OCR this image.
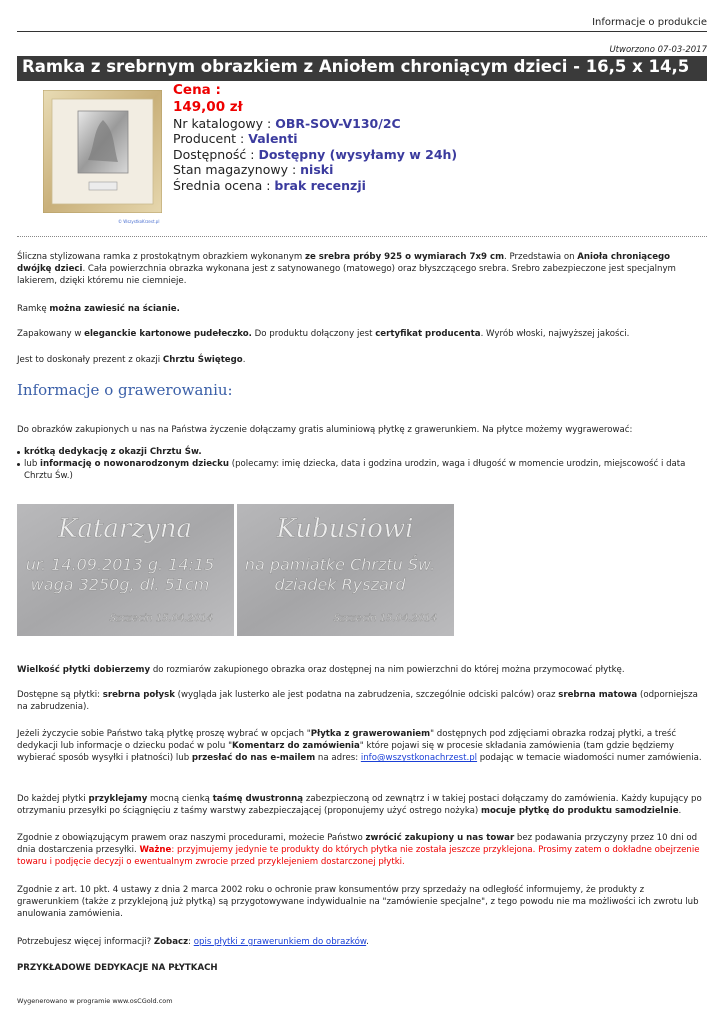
Informacje o produkcie
Utworzono 07-03-2017
Ramka z srebrnym obrazkiem z Aniołem chroniącym dzieci - 16,5 x 14,5
© WszystkoKrzest.pl
Cena :
149,00 zł
Nr katalogowy : OBR-SOV-V130/2C
Producent : Valenti
Dostępność : Dostępny (wysyłamy w 24h)
Stan magazynowy : niski
Średnia ocena : brak recenzji
Śliczna stylizowana ramka z prostokątnym obrazkiem wykonanym ze srebra próby 925 o wymiarach 7x9 cm. Przedstawia on Anioła chroniącego dwójkę dzieci. Cała powierzchnia obrazka wykonana jest z satynowanego (matowego) oraz błyszczącego srebra. Srebro zabezpieczone jest specjalnym lakierem, dzięki któremu nie ciemnieje.
Ramkę można zawiesić na ścianie.
Zapakowany w eleganckie kartonowe pudełeczko. Do produktu dołączony jest certyfikat producenta. Wyrób włoski, najwyższej jakości.
Jest to doskonały prezent z okazji Chrztu Świętego.
Informacje o grawerowaniu:
Do obrazków zakupionych u nas na Państwa życzenie dołączamy gratis aluminiową płytkę z grawerunkiem. Na płytce możemy wygrawerować:
krótką dedykację z okazji Chrztu Św.
lub informację o nowonarodzonym dziecku (polecamy: imię dziecka, data i godzina urodzin, waga i długość w momencie urodzin, miejscowość i data Chrztu Św.)
Katarzyna
ur. 14.09.2013 g. 14:15
waga 3250g, dł. 51cm
Szczecin 15.04.2014
Kubusiowi
na pamiatke Chrztu Św.
dziadek Ryszard
Szczecin 15.04.2014
Wielkość płytki dobierzemy do rozmiarów zakupionego obrazka oraz dostępnej na nim powierzchni do której można przymocować płytkę.
Dostępne są płytki: srebrna połysk (wygląda jak lusterko ale jest podatna na zabrudzenia, szczególnie odciski palców) oraz srebrna matowa (odporniejsza na zabrudzenia).
Jeżeli życzycie sobie Państwo taką płytkę proszę wybrać w opcjach "Płytka z grawerowaniem" dostępnych pod zdjęciami obrazka rodzaj płytki, a treść dedykacji lub informacje o dziecku podać w polu "Komentarz do zamówienia" które pojawi się w procesie składania zamówienia (tam gdzie będziemy wybierać sposób wysyłki i płatności) lub przesłać do nas e-mailem na adres: info@wszystkonachrzest.pl podając w temacie wiadomości numer zamówienia.
Do każdej płytki przyklejamy mocną cienką taśmę dwustronną zabezpieczoną od zewnątrz i w takiej postaci dołączamy do zamówienia. Każdy kupujący po otrzymaniu przesyłki po ściągnięciu z taśmy warstwy zabezpieczającej (proponujemy użyć ostrego nożyka) mocuje płytkę do produktu samodzielnie.
Zgodnie z obowiązującym prawem oraz naszymi procedurami, możecie Państwo zwrócić zakupiony u nas towar bez podawania przyczyny przez 10 dni od dnia dostarczenia przesyłki. Ważne: przyjmujemy jedynie te produkty do których płytka nie została jeszcze przyklejona. Prosimy zatem o dokładne obejrzenie towaru i podjęcie decyzji o ewentualnym zwrocie przed przyklejeniem dostarczonej płytki.
Zgodnie z art. 10 pkt. 4 ustawy z dnia 2 marca 2002 roku o ochronie praw konsumentów przy sprzedaży na odległość informujemy, że produkty z grawerunkiem (także z przyklejoną już płytką) są przygotowywane indywidualnie na "zamówienie specjalne", z tego powodu nie ma możliwości ich zwrotu lub anulowania zamówienia.
Potrzebujesz więcej informacji? Zobacz: opis płytki z grawerunkiem do obrazków.
PRZYKŁADOWE DEDYKACJE NA PŁYTKACH
Wygenerowano w programie www.osCGold.com
